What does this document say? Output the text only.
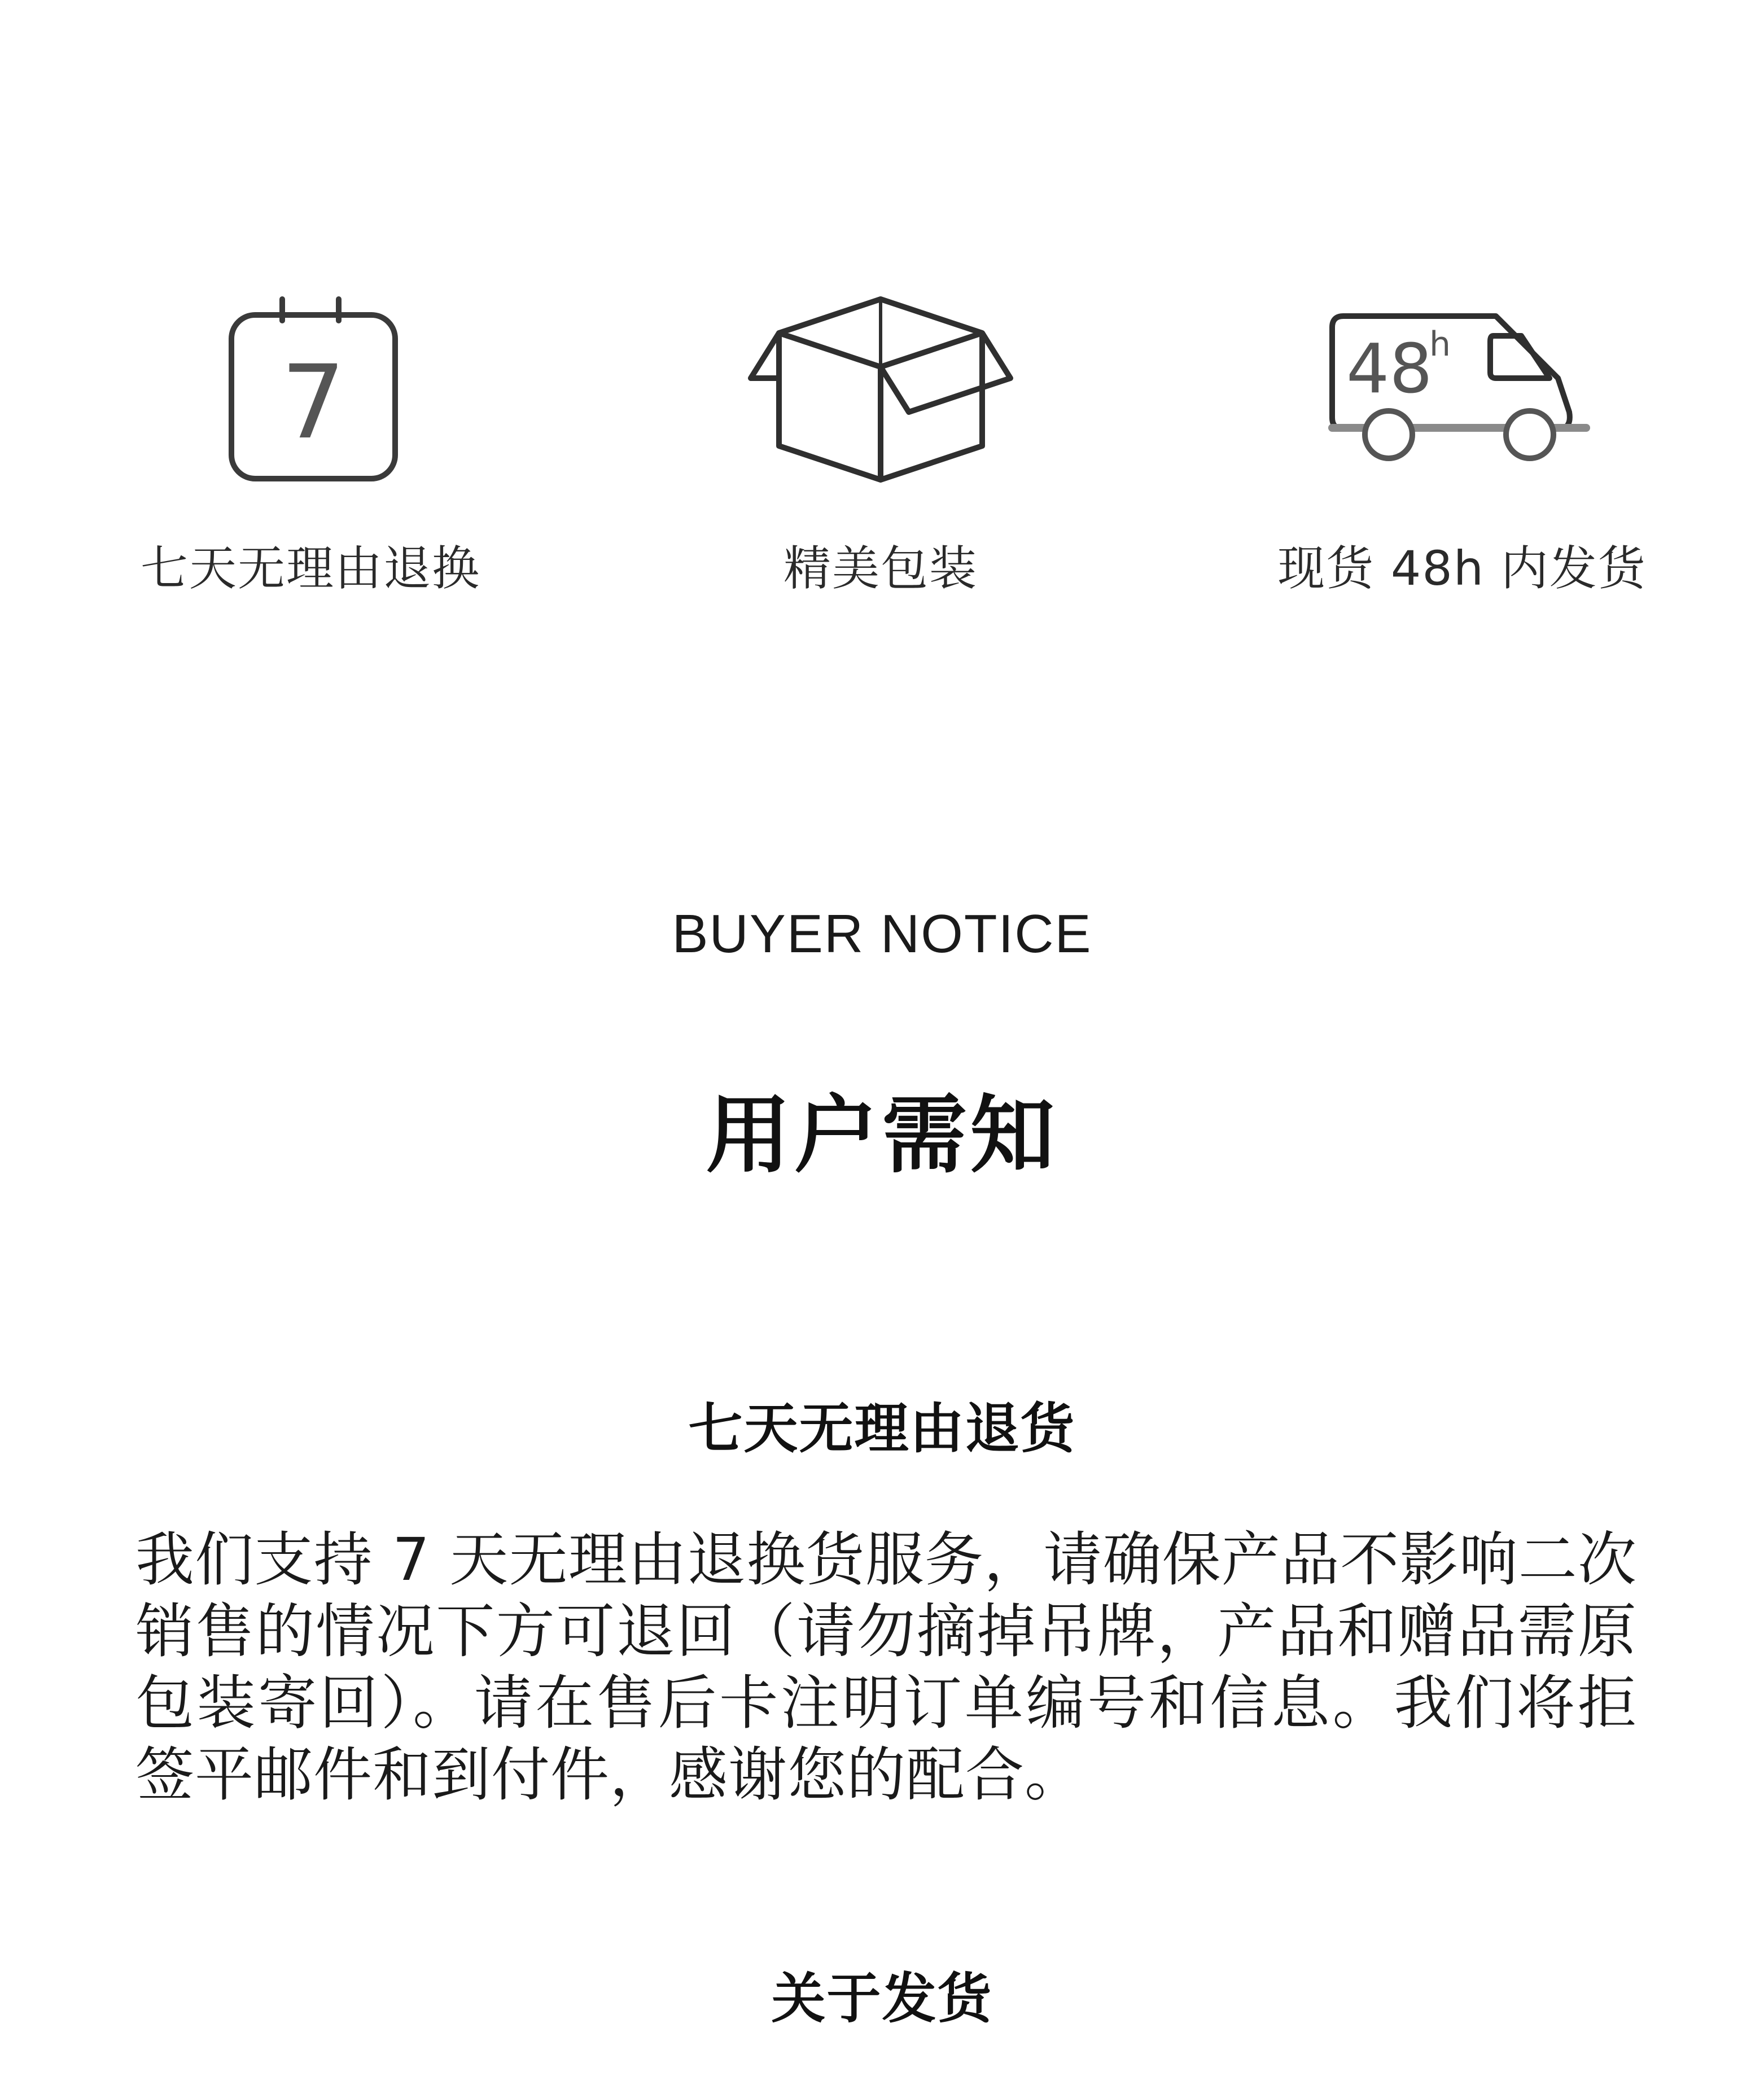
7
七天无理由退换	精美包装
48
h
现货 48h 内发货
BUYER NOTICE
用户需知
七天无理由退货
我们支持 7 天无理由退换货服务，请确保产品不影响二次销售的情况下方可退回（请勿摘掉吊牌，产品和赠品需原包装寄回）。请在售后卡注明订单编号和信息。我们将拒签平邮件和到付件，感谢您的配合。
关于发货
